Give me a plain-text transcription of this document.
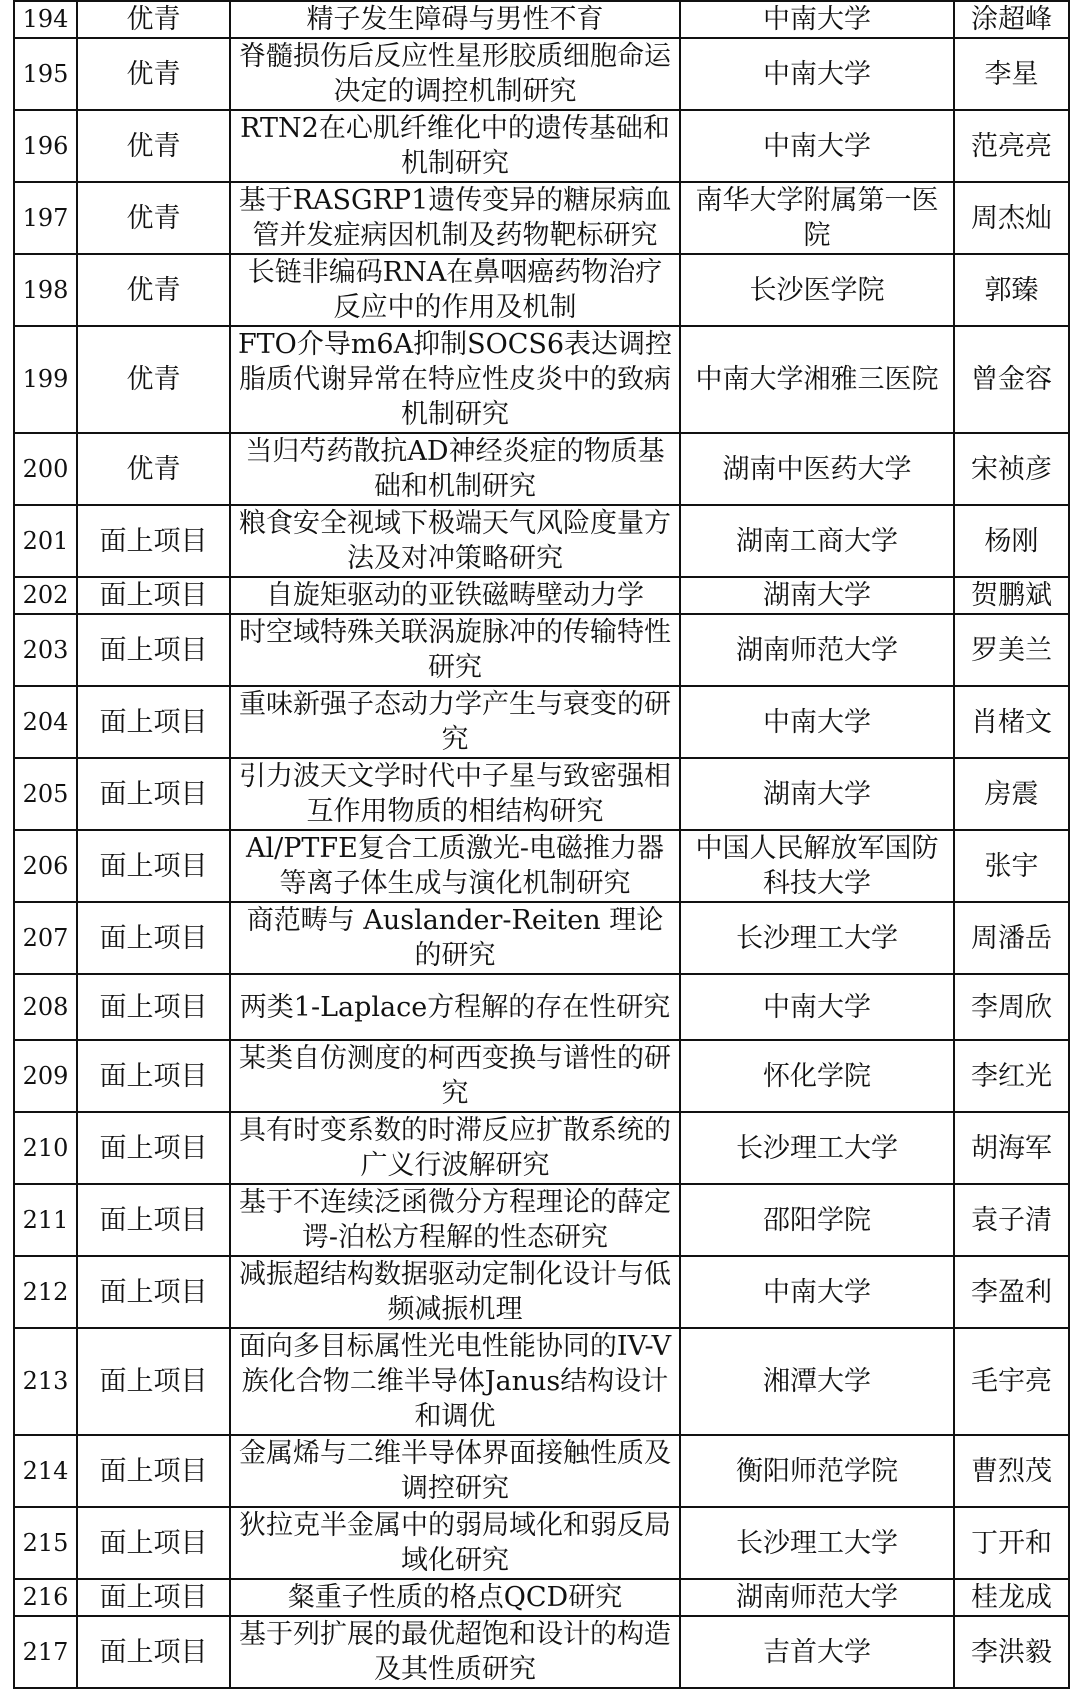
194	优青	精子发生障碍与男性不育	中南大学	涂超峰
195	优青	脊髓损伤后反应性星形胶质细胞命运决定的调控机制研究	中南大学	李星
196	优青	RTN2在心肌纤维化中的遗传基础和机制研究	中南大学	范亮亮
197	优青	基于RASGRP1遗传变异的糖尿病血管并发症病因机制及药物靶标研究	南华大学附属第一医院	周杰灿
198	优青	长链非编码RNA在鼻咽癌药物治疗反应中的作用及机制	长沙医学院	郭臻
199	优青	FTO介导m6A抑制SOCS6表达调控脂质代谢异常在特应性皮炎中的致病机制研究	中南大学湘雅三医院	曾金容
200	优青	当归芍药散抗AD神经炎症的物质基础和机制研究	湖南中医药大学	宋祯彦
201	面上项目	粮食安全视域下极端天气风险度量方法及对冲策略研究	湖南工商大学	杨刚
202	面上项目	自旋矩驱动的亚铁磁畴壁动力学	湖南大学	贺鹏斌
203	面上项目	时空域特殊关联涡旋脉冲的传输特性研究	湖南师范大学	罗美兰
204	面上项目	重味新强子态动力学产生与衰变的研究	中南大学	肖楮文
205	面上项目	引力波天文学时代中子星与致密强相互作用物质的相结构研究	湖南大学	房震
206	面上项目	Al/PTFE复合工质激光-电磁推力器等离子体生成与演化机制研究	中国人民解放军国防科技大学	张宇
207	面上项目	商范畴与 Auslander-Reiten 理论的研究	长沙理工大学	周潘岳
208	面上项目	两类1-Laplace方程解的存在性研究	中南大学	李周欣
209	面上项目	某类自仿测度的柯西变换与谱性的研究	怀化学院	李红光
210	面上项目	具有时变系数的时滞反应扩散系统的广义行波解研究	长沙理工大学	胡海军
211	面上项目	基于不连续泛函微分方程理论的薛定谔-泊松方程解的性态研究	邵阳学院	袁子清
212	面上项目	减振超结构数据驱动定制化设计与低频减振机理	中南大学	李盈利
213	面上项目	面向多目标属性光电性能协同的IV-V族化合物二维半导体Janus结构设计和调优	湘潭大学	毛宇亮
214	面上项目	金属烯与二维半导体界面接触性质及调控研究	衡阳师范学院	曹烈茂
215	面上项目	狄拉克半金属中的弱局域化和弱反局域化研究	长沙理工大学	丁开和
216	面上项目	粲重子性质的格点QCD研究	湖南师范大学	桂龙成
217	面上项目	基于列扩展的最优超饱和设计的构造及其性质研究	吉首大学	李洪毅
​
